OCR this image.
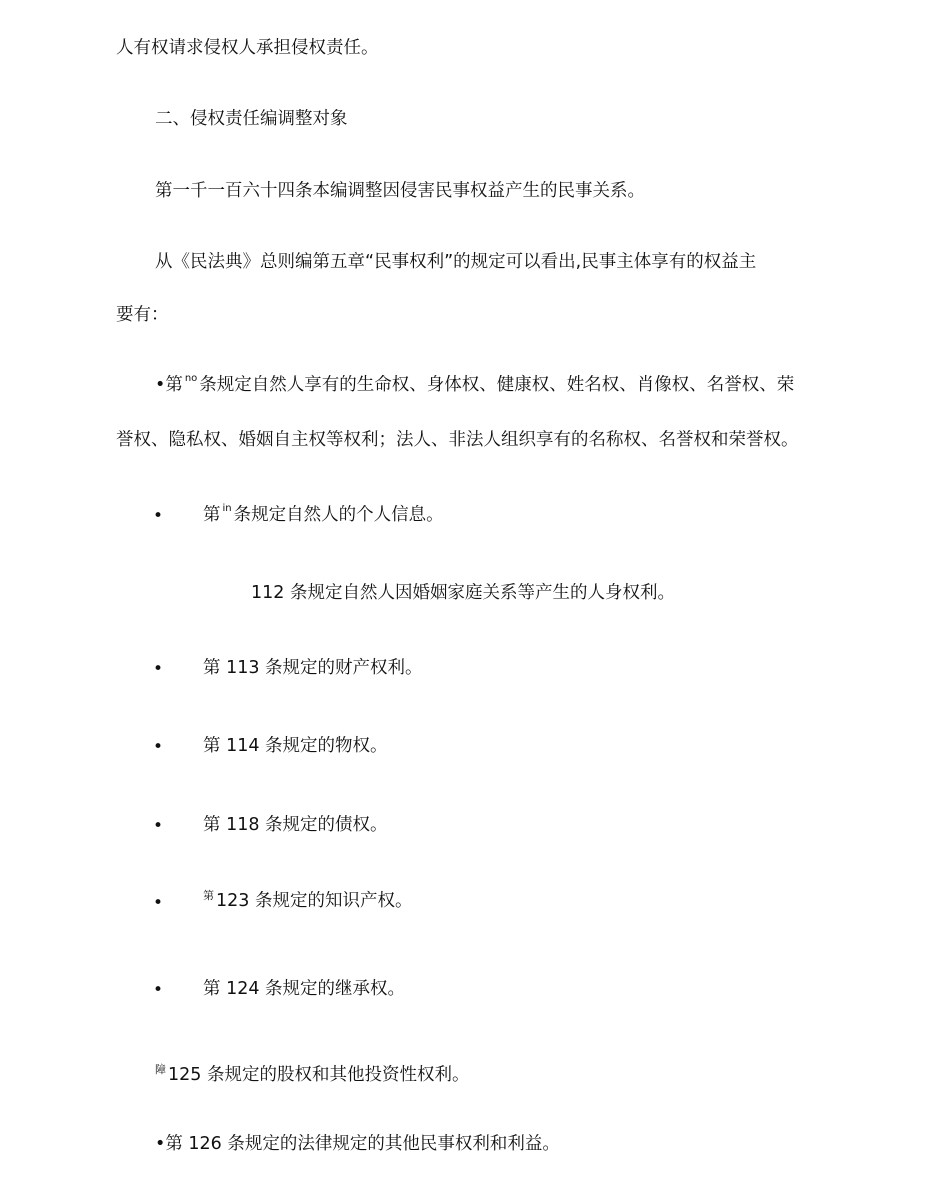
人有权请求侵权人承担侵权责任。
二、侵权责任编调整对象
第一千一百六十四条本编调整因侵害民事权益产生的民事关系。
从《民法典》总则编第五章“民事权利”的规定可以看出,民事主体享有的权益主
要有：
•第 $^{no}$ 条规定自然人享有的生命权、身体权、健康权、姓名权、肖像权、名誉权、荣
誉权、隐私权、婚姻自主权等权利；法人、非法人组织享有的名称权、名誉权和荣誉权。
• 第 $^{in}$ 条规定自然人的个人信息。
112 条规定自然人因婚姻家庭关系等产生的人身权利。
• 第 113 条规定的财产权利。
• 第 114 条规定的物权。
• 第 118 条规定的债权。
•	$^第$ 123 条规定的知识产权。
• 第 124 条规定的继承权。
$^障$ 125 条规定的股权和其他投资性权利。
•第 126 条规定的法律规定的其他民事权利和利益。
